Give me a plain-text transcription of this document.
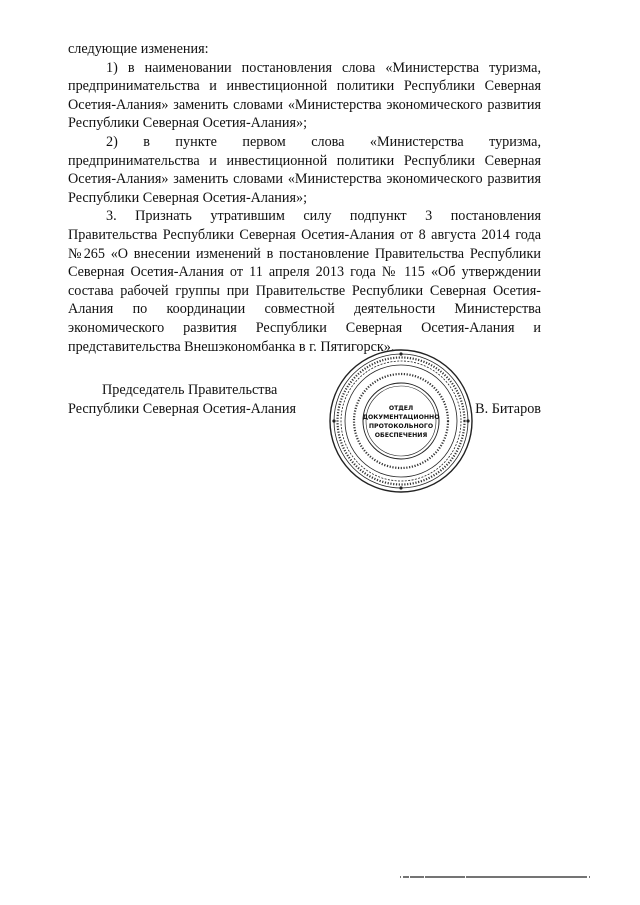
следующие изменения:

1) в наименовании постановления слова «Министерства туризма, предпринимательства и инвестиционной политики Республики Северная Осетия-Алания» заменить словами «Министерства экономического развития Республики Северная Осетия-Алания»;

2) в пункте первом слова «Министерства туризма, предпринимательства и инвестиционной политики Республики Северная Осетия-Алания» заменить словами «Министерства экономического развития Республики Северная Осетия-Алания»;

3. Признать утратившим силу подпункт 3 постановления Правительства Республики Северная Осетия-Алания от 8 августа 2014 года №265 «О внесении изменений в постановление Правительства Республики Северная Осетия-Алания от 11 апреля 2013 года № 115 «Об утверждении состава рабочей группы при Правительстве Республики Северная Осетия-Алания по координации совместной деятельности Министерства экономического развития Республики Северная Осетия-Алания и представительства Внешэкономбанка в г. Пятигорск».

Председатель Правительства
Республики Северная Осетия-Алания	ОТДЕЛ
ДОКУМЕНТАЦИОННО
ПРОТОКОЛЬНОГО
ОБЕСПЕЧЕНИЯ
В. Битаров
